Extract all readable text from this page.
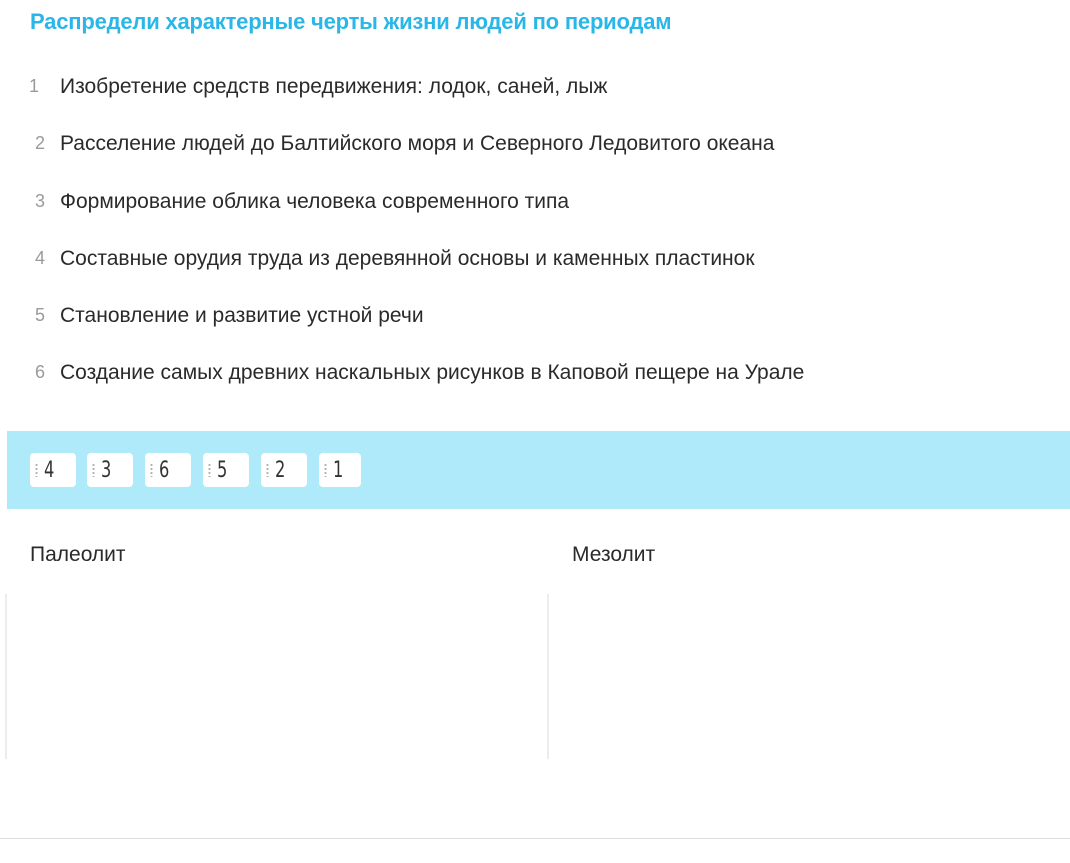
Распредели характерные черты жизни людей по периодам
1	Изобретение средств передвижения: лодок, саней, лыж
2 Расселение людей до Балтийского моря и Северного Ледовитого океана
3 Формирование облика человека современного типа
4 Составные орудия труда из деревянной основы и каменных пластинок
5 Становление и развитие устной речи
6 Создание самых древних наскальных рисунков в Каповой пещере на Урале
4 3 6 5 2 1
Палеолит	Мезолит
